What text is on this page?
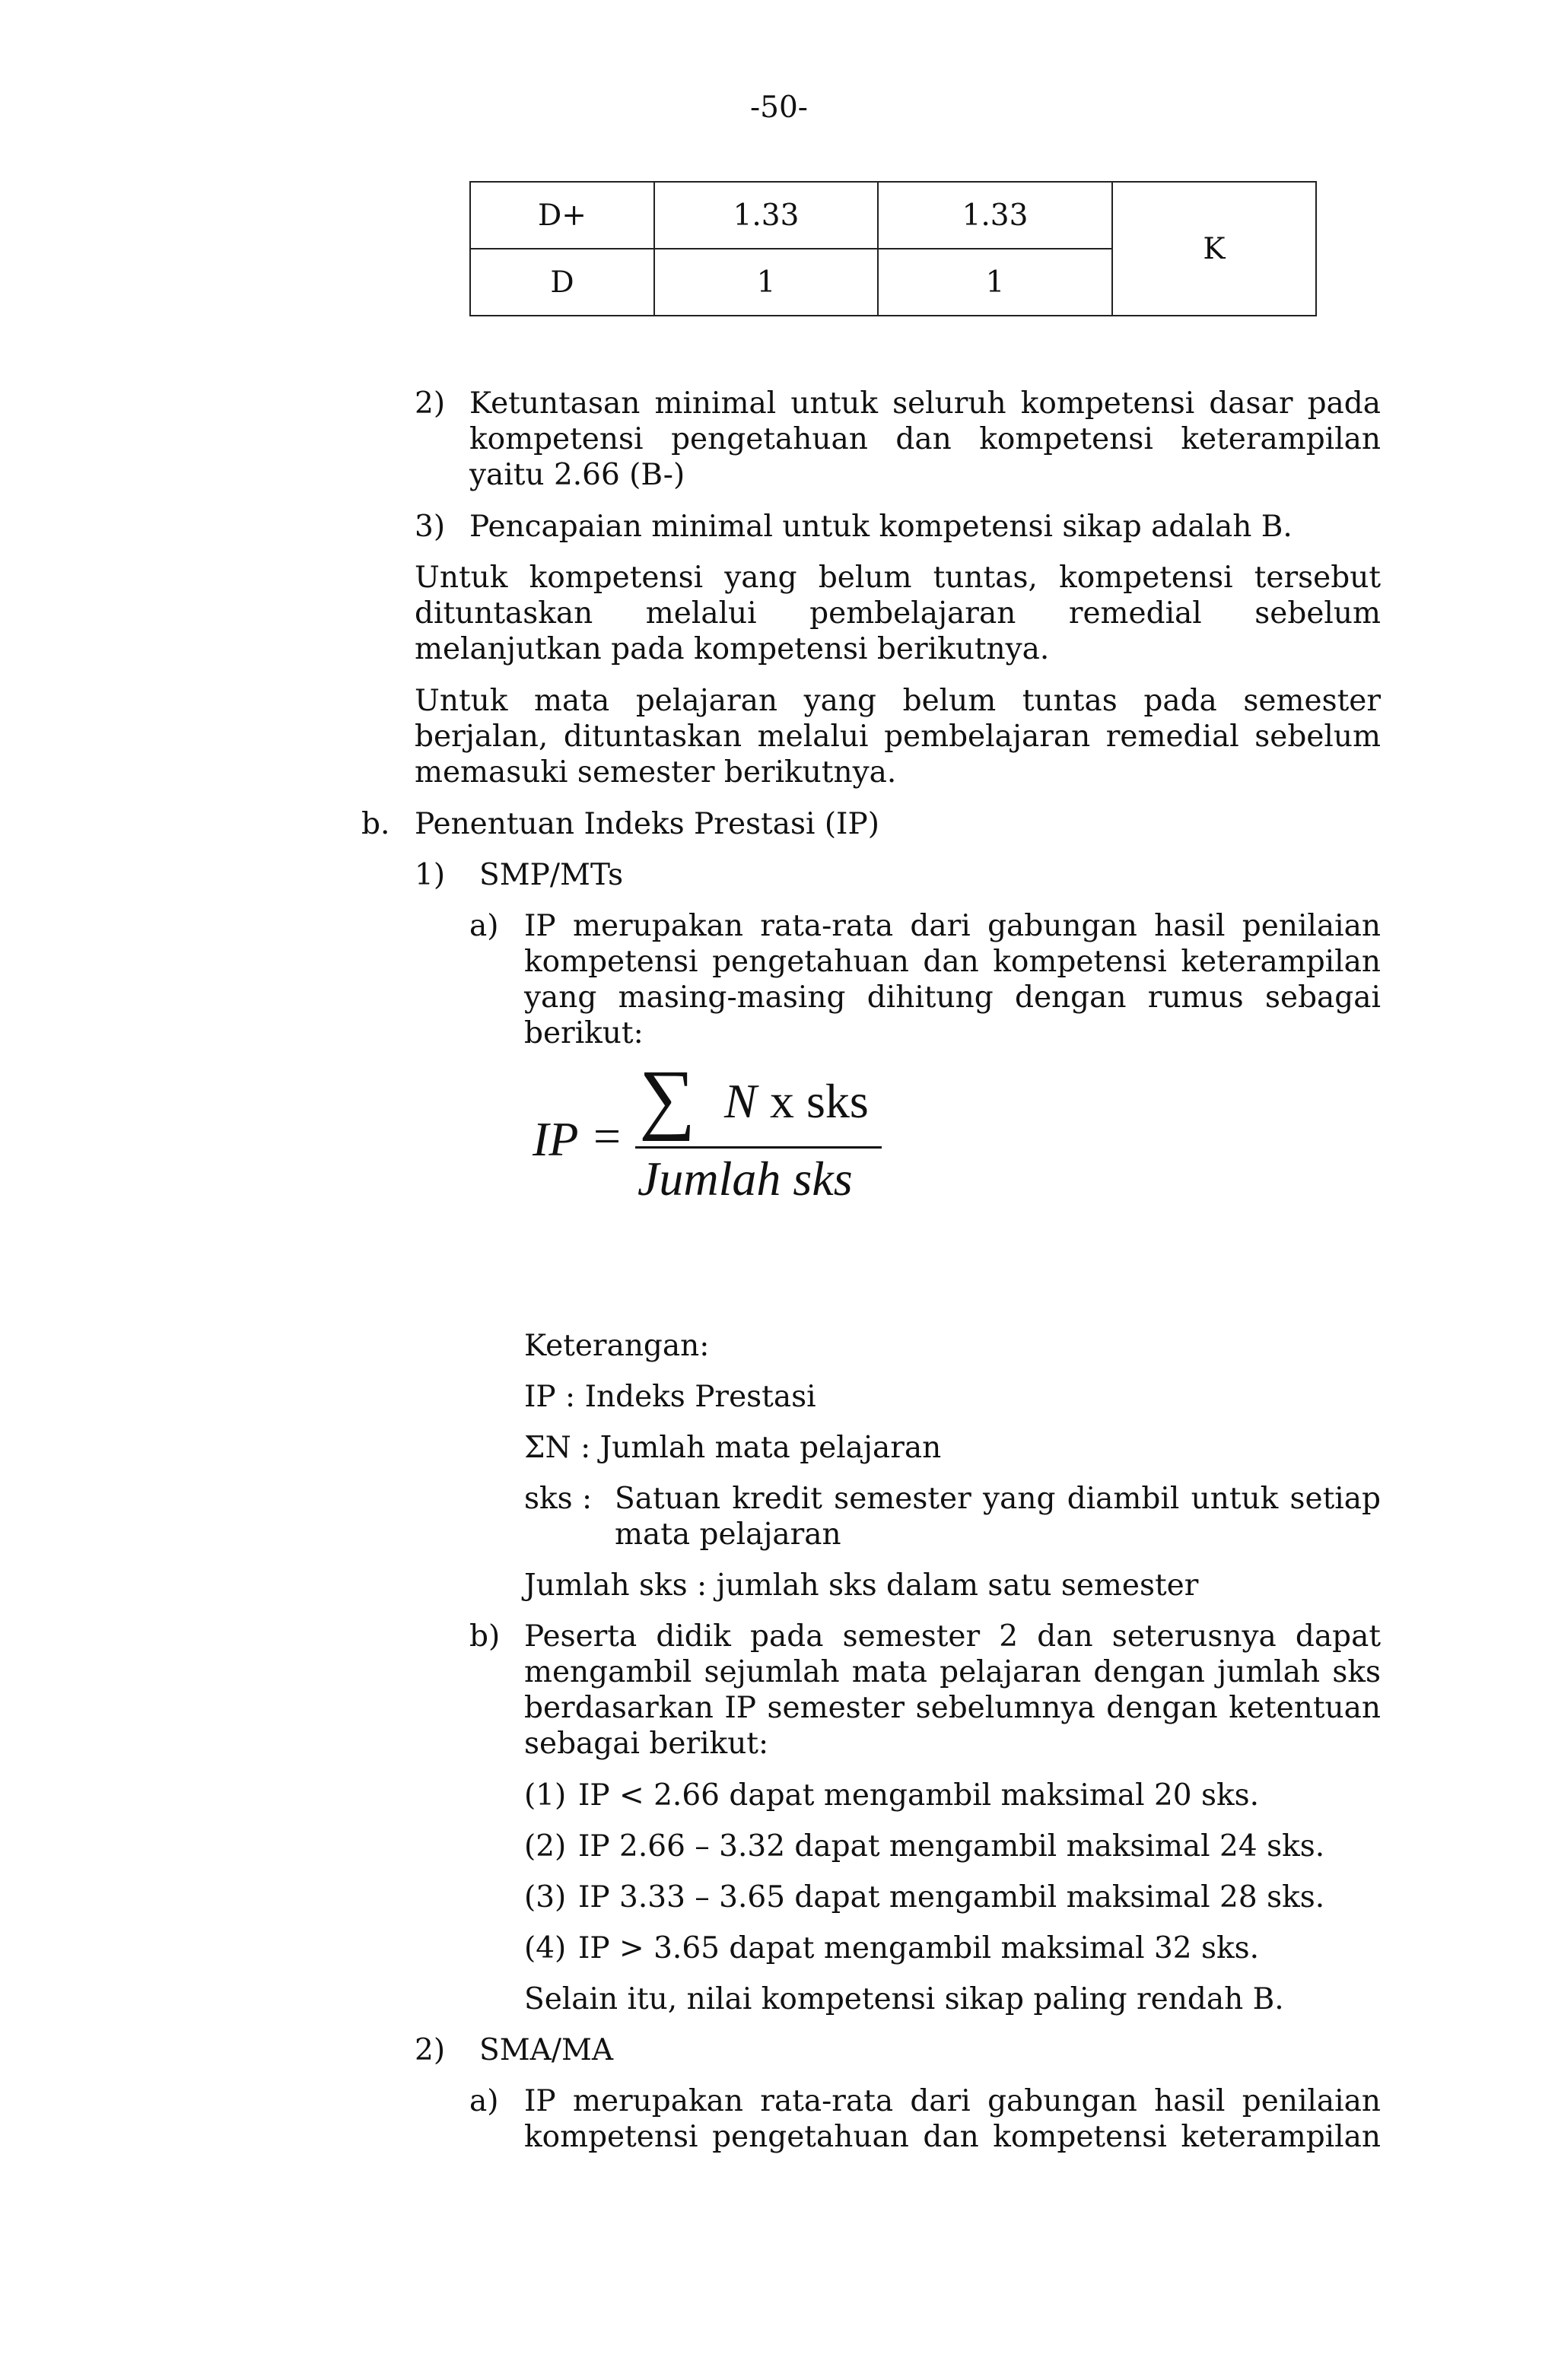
-50-
D+	1.33	1.33	K
D	1	1	
2) Ketuntasan minimal untuk seluruh kompetensi dasar pada
kompetensi pengetahuan dan kompetensi keterampilan
yaitu 2.66 (B-)
3) Pencapaian minimal untuk kompetensi sikap adalah B.
Untuk kompetensi yang belum tuntas, kompetensi tersebut
dituntaskan melalui pembelajaran remedial sebelum
melanjutkan pada kompetensi berikutnya.
Untuk mata pelajaran yang belum tuntas pada semester
berjalan, dituntaskan melalui pembelajaran remedial sebelum
memasuki semester berikutnya.
b. Penentuan Indeks Prestasi (IP)
1) SMP/MTs
a) IP merupakan rata-rata dari gabungan hasil penilaian
kompetensi pengetahuan dan kompetensi keterampilan
yang masing-masing dihitung dengan rumus sebagai
berikut:
IP = ∑ N x sks
Jumlah sks
Keterangan:
IP : Indeks Prestasi
ΣN : Jumlah mata pelajaran
sks : Satuan kredit semester yang diambil untuk setiap
mata pelajaran
Jumlah sks : jumlah sks dalam satu semester
b) Peserta didik pada semester 2 dan seterusnya dapat
mengambil sejumlah mata pelajaran dengan jumlah sks
berdasarkan IP semester sebelumnya dengan ketentuan
sebagai berikut:
(1) IP < 2.66 dapat mengambil maksimal 20 sks.
(2) IP 2.66 – 3.32 dapat mengambil maksimal 24 sks.
(3) IP 3.33 – 3.65 dapat mengambil maksimal 28 sks.
(4) IP > 3.65 dapat mengambil maksimal 32 sks.
Selain itu, nilai kompetensi sikap paling rendah B.
2) SMA/MA
a) IP merupakan rata-rata dari gabungan hasil penilaian
kompetensi pengetahuan dan kompetensi keterampilan
